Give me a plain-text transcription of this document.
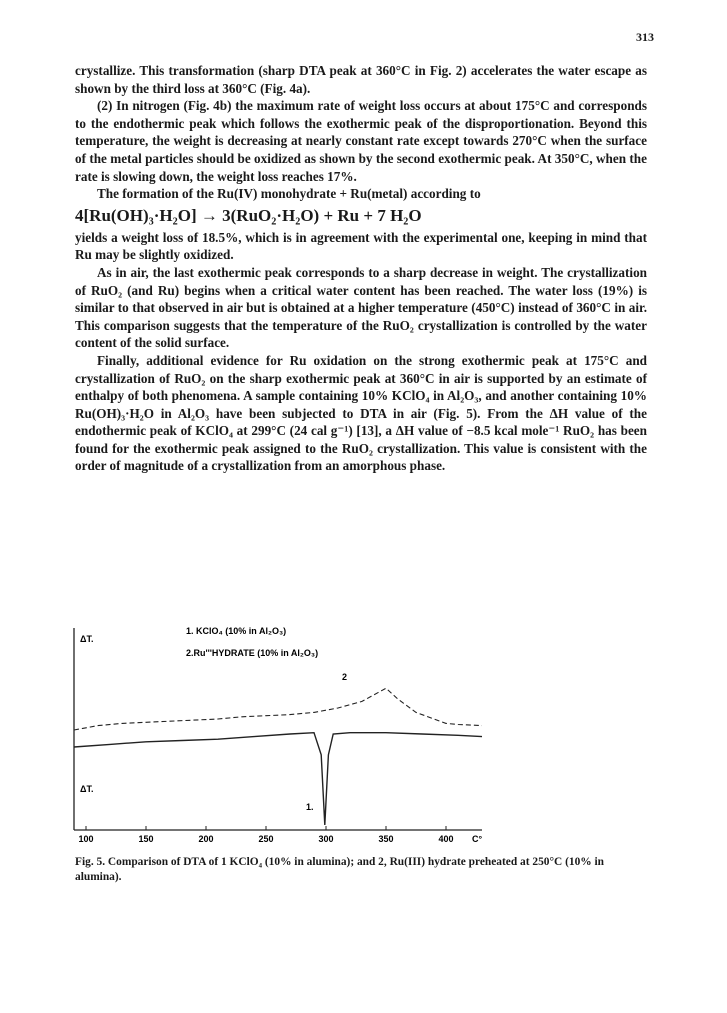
313

crystallize. This transformation (sharp DTA peak at 360°C in Fig. 2) accelerates the water escape as shown by the third loss at 360°C (Fig. 4a).

(2) In nitrogen (Fig. 4b) the maximum rate of weight loss occurs at about 175°C and corresponds to the endothermic peak which follows the exothermic peak of the disproportionation. Beyond this temperature, the weight is decreasing at nearly constant rate except towards 270°C when the surface of the metal particles should be oxidized as shown by the second exothermic peak. At 350°C, when the rate is slowing down, the weight loss reaches 17%.

The formation of the Ru(IV) monohydrate + Ru(metal) according to

4[Ru(OH)₃·H₂O] → 3(RuO₂·H₂O) + Ru + 7 H₂O

yields a weight loss of 18.5%, which is in agreement with the experimental one, keeping in mind that Ru may be slightly oxidized.

As in air, the last exothermic peak corresponds to a sharp decrease in weight. The crystallization of RuO₂ (and Ru) begins when a critical water content has been reached. The water loss (19%) is similar to that observed in air but is obtained at a higher temperature (450°C) instead of 360°C in air. This comparison suggests that the temperature of the RuO₂ crystallization is controlled by the water content of the solid surface.

Finally, additional evidence for Ru oxidation on the strong exothermic peak at 175°C and crystallization of RuO₂ on the sharp exothermic peak at 360°C in air is supported by an estimate of enthalpy of both phenomena. A sample containing 10% KClO₄ in Al₂O₃, and another containing 10% Ru(OH)₃·H₂O in Al₂O₃ have been subjected to DTA in air (Fig. 5). From the ΔH value of the endothermic peak of KClO₄ at 299°C (24 cal g⁻¹) [13], a ΔH value of −8.5 kcal mole⁻¹ RuO₂ has been found for the exothermic peak assigned to the RuO₂ crystallization. This value is consistent with the order of magnitude of a crystallization from an amorphous phase.

1. KClO₄ (10% in Al₂O₃)
2.Ru'''HYDRATE (10% in Al₂O₃)
ΔT.
ΔT.
2
1.
100	150	200	250	300	350	400 C°
Fig. 5. Comparison of DTA of 1 KClO₄ (10% in alumina); and 2, Ru(III) hydrate preheated at 250°C (10% in alumina).
